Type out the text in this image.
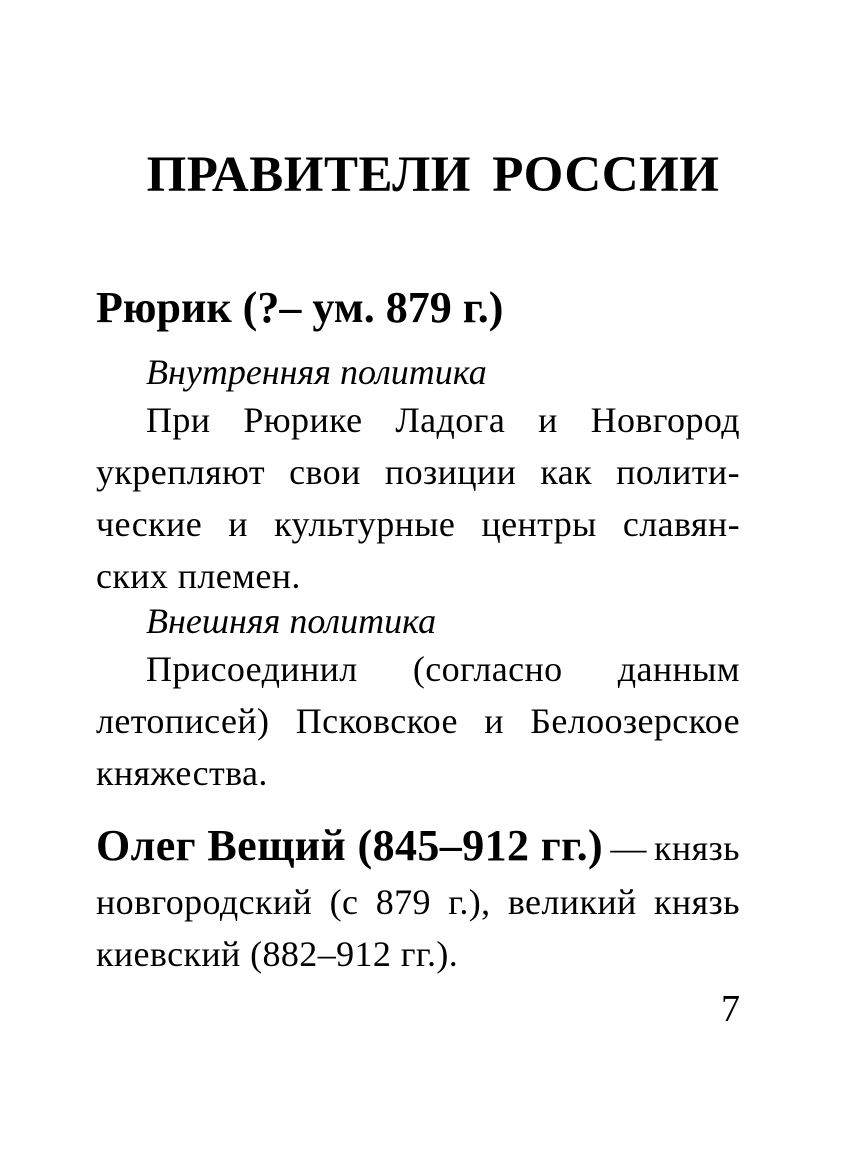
ПРАВИТЕЛИ РОССИИ
Рюрик (?– ум. 879 г.)
Внутренняя политика
При Рюрике Ладога и Новгород
укрепляют свои позиции как полити-
ческие и культурные центры славян-
ских племен.
Внешняя политика
Присоединил (согласно данным
летописей) Псковское и Белоозерское
княжества.
Олег Вещий (845–912 гг.) — князь
новгородский (с 879 г.), великий князь
киевский (882–912 гг.).
7
